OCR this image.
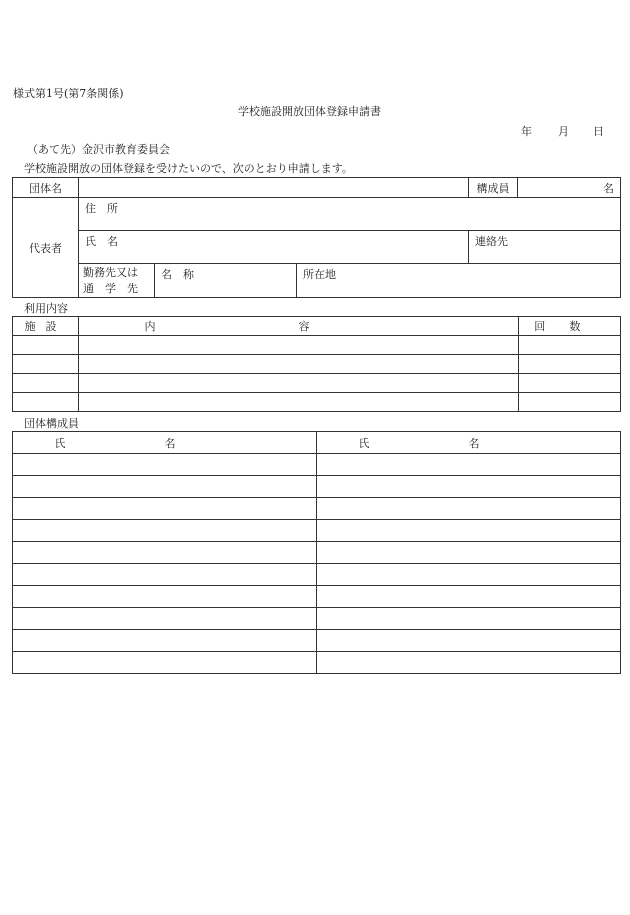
様式第1号(第7条関係)
学校施設開放団体登録申請書
年 月 日
（あて先）金沢市教育委員会
学校施設開放の団体登録を受けたいので、次のとおり申請します。
団体名				構成員	名
代表者	住　所				
	氏　名			連絡先	

	勤務先又は
通　学　先	名　称	所在地		
利用内容
施設	内容	回数

団体構成員
氏名	氏名
